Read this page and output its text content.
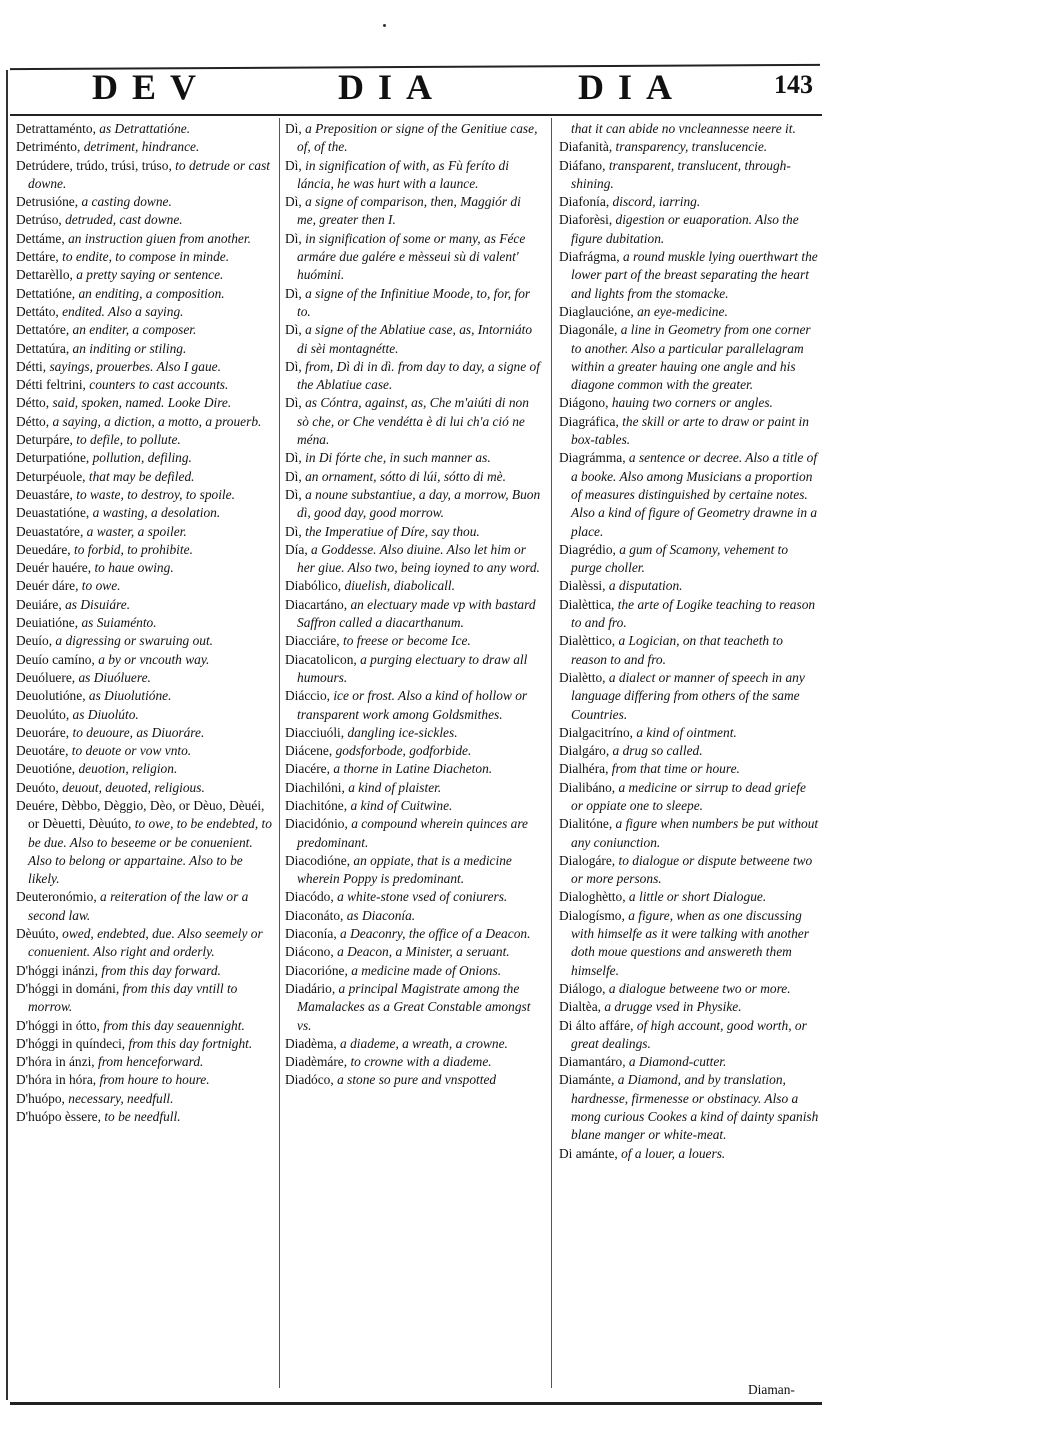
DEV	DIA	DIA	143
Detrattaménto, as Detrattatióne.
Detriménto, detriment, hindrance.
Detrúdere, trúdo, trúsi, trúso, to detrude or cast downe.
Detrusióne, a casting downe.
Detrúso, detruded, cast downe.
Dettáme, an instruction giuen from another.
Dettáre, to endite, to compose in minde.
Dettarèllo, a pretty saying or sentence.
Dettatióne, an enditing, a composition.
Dettáto, endited. Also a saying.
Dettatóre, an enditer, a composer.
Dettatúra, an inditing or stiling.
Détti, sayings, prouerbes. Also I gaue.
Détti feltrini, counters to cast accounts.
Détto, said, spoken, named. Looke Dire.
Détto, a saying, a diction, a motto, a prouerb.
Deturpáre, to defile, to pollute.
Deturpatióne, pollution, defiling.
Deturpéuole, that may be defiled.
Deuastáre, to waste, to destroy, to spoile.
Deuastatióne, a wasting, a desolation.
Deuastatóre, a waster, a spoiler.
Deuedáre, to forbid, to prohibite.
Deuér hauére, to haue owing.
Deuér dáre, to owe.
Deuiáre, as Disuiáre.
Deuiatióne, as Suiaménto.
Deuío, a digressing or swaruing out.
Deuío camíno, a by or vncouth way.
Deuóluere, as Diuóluere.
Deuolutióne, as Diuolutióne.
Deuolúto, as Diuolúto.
Deuoráre, to deuoure, as Diuoráre.
Deuotáre, to deuote or vow vnto.
Deuotióne, deuotion, religion.
Deuóto, deuout, deuoted, religious.
Deuére, Dèbbo, Dèggio, Dèo, or Dèuo, Dèuéi, or Dèuetti, Dèuúto, to owe, to be endebted, to be due. Also to beseeme or be conuenient. Also to belong or appartaine. Also to be likely.
Deuteronómio, a reiteration of the law or a second law.
Dèuúto, owed, endebted, due. Also seemely or conuenient. Also right and orderly.
D'hóggi inánzi, from this day forward.
D'hóggi in dománi, from this day vntill to morrow.
D'hóggi in ótto, from this day seauennight.
D'hóggi in quíndeci, from this day fortnight.
D'hóra in ánzi, from henceforward.
D'hóra in hóra, from houre to houre.
D'huópo, necessary, needfull.
D'huópo èssere, to be needfull.
Dì, a Preposition or signe of the Genitiue case, of, of the.
Dì, in signification of with, as Fù feríto di láncia, he was hurt with a launce.
Dì, a signe of comparison, then, Maggiór di me, greater then I.
Dì, in signification of some or many, as Féce armáre due galére e mèsseui sù di valent' huómini.
Dì, a signe of the Infinitiue Moode, to, for, for to.
Dì, a signe of the Ablatiue case, as, Intorniáto di sèi montagnétte.
Dì, from, Dì di in dì. from day to day, a signe of the Ablatiue case.
Dì, as Cóntra, against, as, Che m'aiúti di non sò che, or Che vendétta è di lui ch'a ció ne ména.
Dì, in Di fórte che, in such manner as.
Dì, an ornament, sótto di lúi, sótto di mè.
Dì, a noune substantiue, a day, a morrow, Buon dì, good day, good morrow.
Dì, the Imperatiue of Díre, say thou.
Día, a Goddesse. Also diuine. Also let him or her giue. Also two, being ioyned to any word.
Diabólico, diuelish, diabolicall.
Diacartáno, an electuary made vp with bastard Saffron called a diacarthanum.
Diacciáre, to freese or become Ice.
Diacatolicon, a purging electuary to draw all humours.
Diáccio, ice or frost. Also a kind of hollow or transparent work among Goldsmithes.
Diacciuóli, dangling ice-sickles.
Diácene, godsforbode, godforbide.
Diacére, a thorne in Latine Diacheton.
Diachilóni, a kind of plaister.
Diachitóne, a kind of Cuitwine.
Diacidónio, a compound wherein quinces are predominant.
Diacodióne, an oppiate, that is a medicine wherein Poppy is predominant.
Diacódo, a white-stone vsed of coniurers.
Diaconáto, as Diaconía.
Diaconía, a Deaconry, the office of a Deacon.
Diácono, a Deacon, a Minister, a seruant.
Diacorióne, a medicine made of Onions.
Diadário, a principal Magistrate among the Mamalackes as a Great Constable amongst vs.
Diadèma, a diademe, a wreath, a crowne.
Diadèmáre, to crowne with a diademe.
Diadóco, a stone so pure and vnspotted
that it can abide no vncleannesse neere it.
Diafanità, transparency, translucencie.
Diáfano, transparent, translucent, through-shining.
Diafonía, discord, iarring.
Diaforèsi, digestion or euaporation. Also the figure dubitation.
Diafrágma, a round muskle lying ouerthwart the lower part of the breast separating the heart and lights from the stomacke.
Diaglaucióne, an eye-medicine.
Diagonále, a line in Geometry from one corner to another. Also a particular parallelagram within a greater hauing one angle and his diagone common with the greater.
Diágono, hauing two corners or angles.
Diagráfica, the skill or arte to draw or paint in box-tables.
Diagrámma, a sentence or decree. Also a title of a booke. Also among Musicians a proportion of measures distinguished by certaine notes. Also a kind of figure of Geometry drawne in a place.
Diagrédio, a gum of Scamony, vehement to purge choller.
Dialèssi, a disputation.
Dialèttica, the arte of Logike teaching to reason to and fro.
Dialèttico, a Logician, on that teacheth to reason to and fro.
Dialètto, a dialect or manner of speech in any language differing from others of the same Countries.
Dialgacitríno, a kind of ointment.
Dialgáro, a drug so called.
Dialhéra, from that time or houre.
Dialibáno, a medicine or sirrup to dead griefe or oppiate one to sleepe.
Dialitóne, a figure when numbers be put without any coniunction.
Dialogáre, to dialogue or dispute betweene two or more persons.
Dialoghètto, a little or short Dialogue.
Dialogísmo, a figure, when as one discussing with himselfe as it were talking with another doth moue questions and answereth them himselfe.
Diálogo, a dialogue betweene two or more.
Dialtèa, a drugge vsed in Physike.
Di álto affáre, of high account, good worth, or great dealings.
Diamantáro, a Diamond-cutter.
Diamánte, a Diamond, and by translation, hardnesse, firmenesse or obstinacy. Also a mong curious Cookes a kind of dainty spanish blane manger or white-meat.
Di amánte, of a louer, a louers.
Diaman-
